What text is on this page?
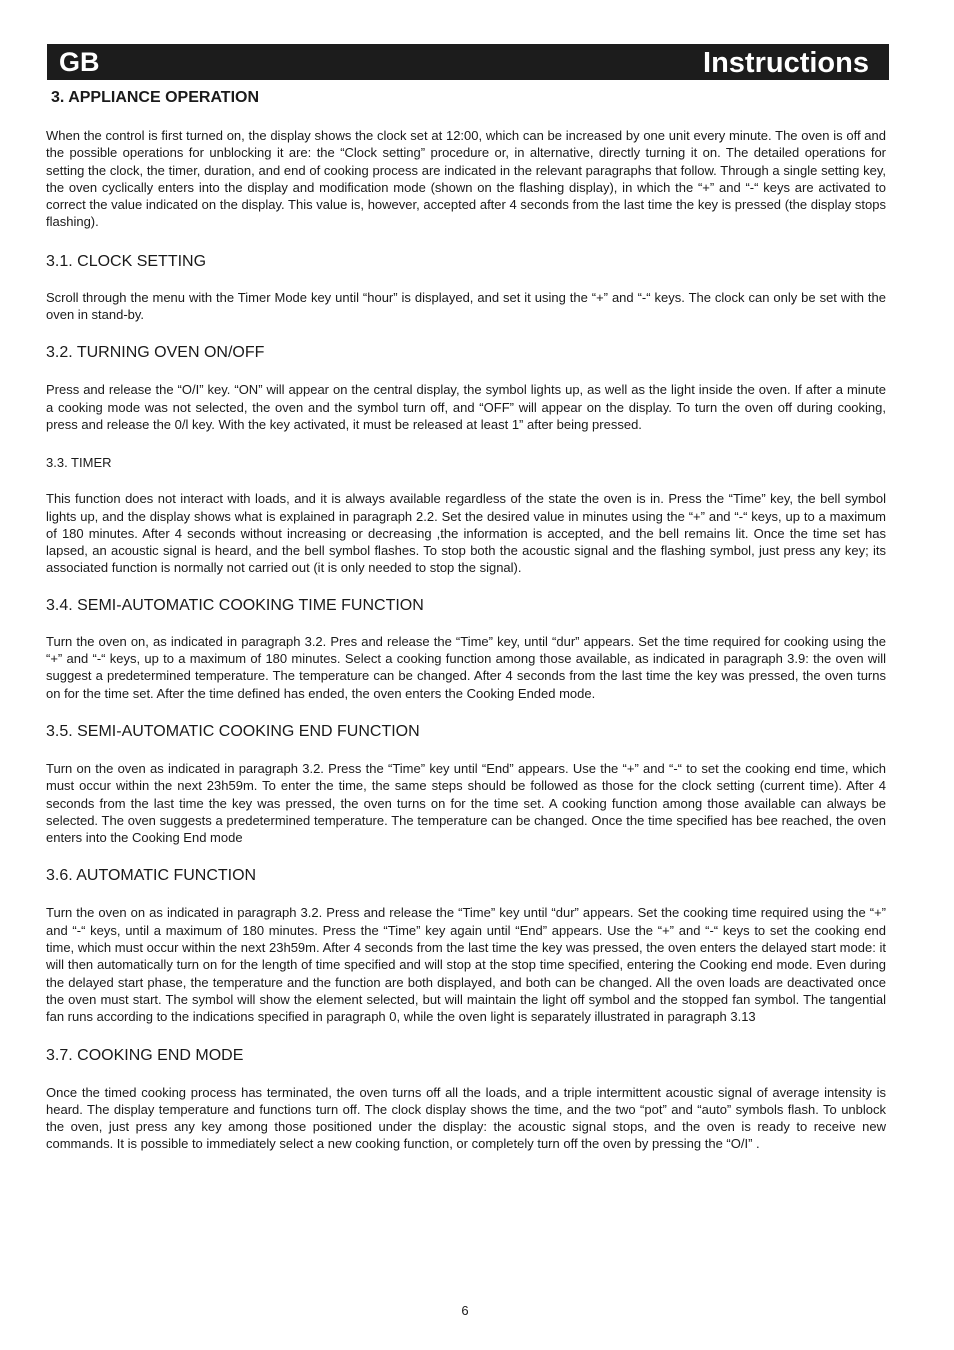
GB	Instructions
3. APPLIANCE OPERATION

When the control is first turned on, the display shows the clock set at 12:00, which can be increased by one unit every minute. The oven is off and the possible operations for unblocking it are: the “Clock setting” procedure or, in alternative, directly turning it on. The detailed operations for setting the clock, the timer, duration, and end of cooking process are indicated in the relevant paragraphs that follow. Through a single setting key, the oven cyclically enters into the display and modification mode (shown on the flashing display), in which the “+” and “-“ keys are activated to correct the value indicated on the display. This value is, however, accepted after 4 seconds from the last time the key is pressed (the display stops flashing).

3.1. CLOCK SETTING

Scroll through the menu with the Timer Mode key until “hour” is displayed, and set it using the “+” and “-“ keys. The clock can only be set with the oven in stand-by.

3.2. TURNING OVEN ON/OFF

Press and release the “O/I” key. “ON” will appear on the central display, the symbol lights up, as well as the light inside the oven. If after a minute a cooking mode was not selected, the oven and the symbol turn off, and “OFF” will appear on the display. To turn the oven off during cooking, press and release the 0/l key. With the key activated, it must be released at least 1” after being pressed.

3.3. TIMER

This function does not interact with loads, and it is always available regardless of the state the oven is in. Press the “Time” key, the bell symbol lights up, and the display shows what is explained in paragraph 2.2. Set the desired value in minutes using the “+” and “-“ keys, up to a maximum of 180 minutes. After 4 seconds without increasing or decreasing ,the information is accepted, and the bell remains lit. Once the time set has lapsed, an acoustic signal is heard, and the bell symbol flashes. To stop both the acoustic signal and the flashing symbol, just press any key; its associated function is normally not carried out (it is only needed to stop the signal).

3.4. SEMI-AUTOMATIC COOKING TIME FUNCTION

Turn the oven on, as indicated in paragraph 3.2. Pres and release the “Time” key, until “dur” appears. Set the time required for cooking using the “+” and “-“ keys, up to a maximum of 180 minutes. Select a cooking function among those available, as indicated in paragraph 3.9: the oven will suggest a predetermined temperature. The temperature can be changed. After 4 seconds from the last time the key was pressed, the oven turns on for the time set. After the time defined has ended, the oven enters the Cooking Ended mode.

3.5. SEMI-AUTOMATIC COOKING END FUNCTION

Turn on the oven as indicated in paragraph 3.2. Press the “Time” key until “End” appears. Use the “+” and “-“ to set the cooking end time, which must occur within the next 23h59m. To enter the time, the same steps should be followed as those for the clock setting (current time). After 4 seconds from the last time the key was pressed, the oven turns on for the time set. A cooking function among those available can always be selected. The oven suggests a predetermined temperature. The temperature can be changed. Once the time specified has bee reached, the oven enters into the Cooking End mode

3.6. AUTOMATIC FUNCTION

Turn the oven on as indicated in paragraph 3.2. Press and release the “Time” key until “dur” appears. Set the cooking time required using the “+” and “-“ keys, until a maximum of 180 minutes. Press the “Time” key again until “End” appears. Use the “+” and “-“ keys to set the cooking end time, which must occur within the next 23h59m. After 4 seconds from the last time the key was pressed, the oven enters the delayed start mode: it will then automatically turn on for the length of time specified and will stop at the stop time specified, entering the Cooking end mode. Even during the delayed start phase, the temperature and the function are both displayed, and both can be changed. All the oven loads are deactivated once the oven must start. The symbol will show the element selected, but will maintain the light off symbol and the stopped fan symbol. The tangential fan runs according to the indications specified in paragraph 0, while the oven light is separately illustrated in paragraph 3.13

3.7. COOKING END MODE

Once the timed cooking process has terminated, the oven turns off all the loads, and a triple intermittent acoustic signal of average intensity is heard. The display temperature and functions turn off. The clock display shows the time, and the two “pot” and “auto” symbols flash. To unblock the oven, just press any key among those positioned under the display: the acoustic signal stops, and the oven is ready to receive new commands. It is possible to immediately select a new cooking function, or completely turn off the oven by pressing the “O/I” .

6
